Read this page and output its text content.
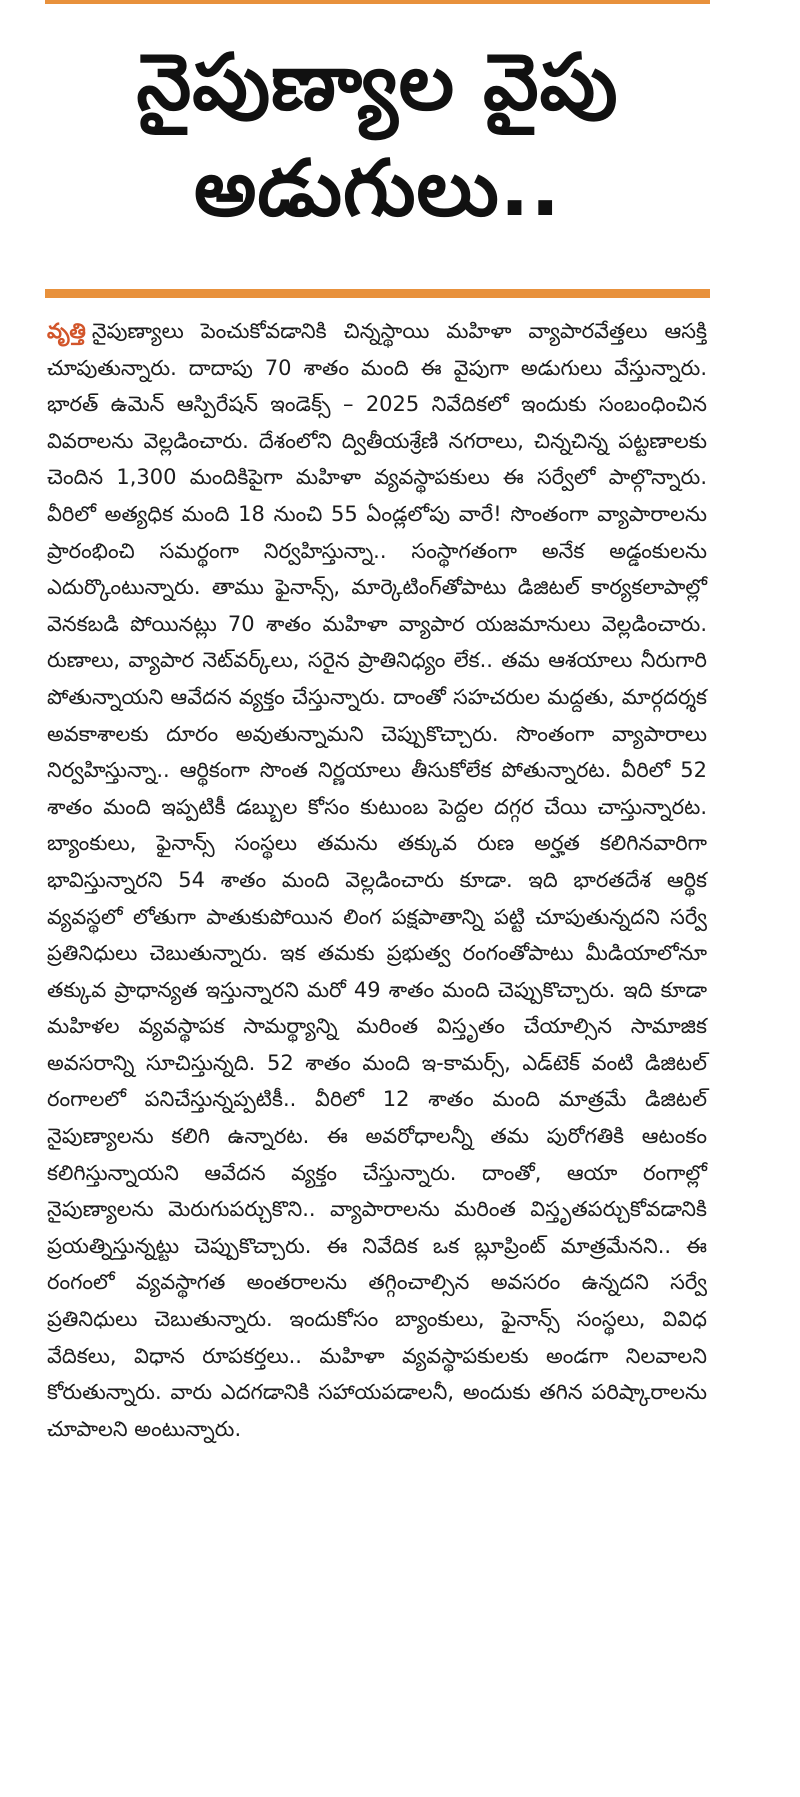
నైపుణ్యాల వైపు
అడుగులు..
వృత్తి నైపుణ్యాలు పెంచుకోవడానికి చిన్నస్థాయి మహిళా వ్యాపారవేత్తలు ఆసక్తి చూపుతున్నారు. దాదాపు 70 శాతం మంది ఈ వైపుగా అడుగులు వేస్తున్నారు. భారత్ ఉమెన్ ఆస్పిరేషన్ ఇండెక్స్ – 2025 నివేదికలో ఇందుకు సంబంధించిన వివరాలను వెల్లడించారు. దేశంలోని ద్వితీయశ్రేణి నగరాలు, చిన్నచిన్న పట్టణాలకు చెందిన 1,300 మందికిపైగా మహిళా వ్యవస్థాపకులు ఈ సర్వేలో పాల్గొన్నారు. వీరిలో అత్యధిక మంది 18 నుంచి 55 ఏండ్లలోపు వారే! సొంతంగా వ్యాపారాలను ప్రారంభించి సమర్థంగా నిర్వహిస్తున్నా.. సంస్థాగతంగా అనేక అడ్డంకులను ఎదుర్కొంటున్నారు. తాము ఫైనాన్స్, మార్కెటింగ్‌తోపాటు డిజిటల్ కార్యకలాపాల్లో వెనకబడి పోయినట్లు 70 శాతం మహిళా వ్యాపార యజమానులు వెల్లడించారు. రుణాలు, వ్యాపార నెట్‌వర్క్‌లు, సరైన ప్రాతినిధ్యం లేక.. తమ ఆశయాలు నీరుగారి పోతున్నాయని ఆవేదన వ్యక్తం చేస్తున్నారు. దాంతో సహచరుల మద్దతు, మార్గదర్శక అవకాశాలకు దూరం అవుతున్నామని చెప్పుకొచ్చారు. సొంతంగా వ్యాపారాలు నిర్వహిస్తున్నా.. ఆర్థికంగా సొంత నిర్ణయాలు తీసుకోలేక పోతున్నారట. వీరిలో 52 శాతం మంది ఇప్పటికీ డబ్బుల కోసం కుటుంబ పెద్దల దగ్గర చేయి చాస్తున్నారట. బ్యాంకులు, ఫైనాన్స్ సంస్థలు తమను తక్కువ రుణ అర్హత కలిగినవారిగా భావిస్తున్నారని 54 శాతం మంది వెల్లడించారు కూడా. ఇది భారతదేశ ఆర్థిక వ్యవస్థలో లోతుగా పాతుకుపోయిన లింగ పక్షపాతాన్ని పట్టి చూపుతున్నదని సర్వే ప్రతినిధులు చెబుతున్నారు. ఇక తమకు ప్రభుత్వ రంగంతోపాటు మీడియాలోనూ తక్కువ ప్రాధాన్యత ఇస్తున్నారని మరో 49 శాతం మంది చెప్పుకొచ్చారు. ఇది కూడా మహిళల వ్యవస్థాపక సామర్థ్యాన్ని మరింత విస్తృతం చేయాల్సిన సామాజిక అవసరాన్ని సూచిస్తున్నది. 52 శాతం మంది ఇ-కామర్స్, ఎడ్‌టెక్ వంటి డిజిటల్ రంగాలలో పనిచేస్తున్నప్పటికీ.. వీరిలో 12 శాతం మంది మాత్రమే డిజిటల్ నైపుణ్యాలను కలిగి ఉన్నారట. ఈ అవరోధాలన్నీ తమ పురోగతికి ఆటంకం కలిగిస్తున్నాయని ఆవేదన వ్యక్తం చేస్తున్నారు. దాంతో, ఆయా రంగాల్లో నైపుణ్యాలను మెరుగుపర్చుకొని.. వ్యాపారాలను మరింత విస్తృతపర్చుకోవడానికి ప్రయత్నిస్తున్నట్టు చెప్పుకొచ్చారు. ఈ నివేదిక ఒక బ్లూప్రింట్ మాత్రమేనని.. ఈ రంగంలో వ్యవస్థాగత అంతరాలను తగ్గించాల్సిన అవసరం ఉన్నదని సర్వే ప్రతినిధులు చెబుతున్నారు. ఇందుకోసం బ్యాంకులు, ఫైనాన్స్ సంస్థలు, వివిధ వేదికలు, విధాన రూపకర్తలు.. మహిళా వ్యవస్థాపకులకు అండగా నిలవాలని కోరుతున్నారు. వారు ఎదగడానికి సహాయపడాలనీ, అందుకు తగిన పరిష్కారాలను చూపాలని అంటున్నారు.
